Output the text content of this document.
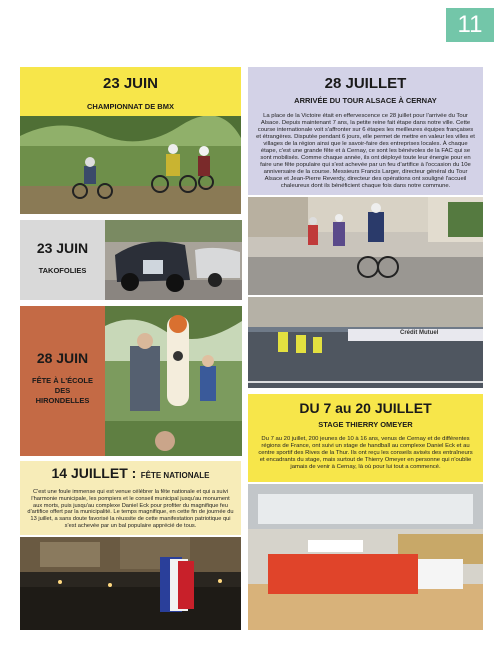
11
23 JUIN
CHAMPIONNAT DE BMX
28 JUILLET
ARRIVÉE DU TOUR ALSACE À CERNAY
La place de la Victoire était en effervescence ce 28 juillet pour l'arrivée du Tour Alsace. Depuis maintenant 7 ans, la petite reine fait étape dans notre ville. Cette course internationale voit s'affronter sur 6 étapes les meilleures équipes françaises et étrangères. Disputée pendant 6 jours, elle permet de mettre en valeur les villes et villages de la région ainsi que le savoir-faire des entreprises locales. À chaque étape, c'est une grande fête et à Cernay, ce sont les bénévoles de la FAC qui se sont mobilisés. Comme chaque année, ils ont déployé toute leur énergie pour en faire une fête populaire qui s'est achevée par un feu d'artifice à l'occasion du 10e anniversaire de la course. Messieurs Francis Larger, directeur général du Tour Alsace et Jean-Pierre Reverdy, directeur des opérations ont souligné l'accueil chaleureux dont ils bénéficient chaque fois dans notre commune.
Crédit Mutuel
23 JUIN
TAKOFOLIES
28 JUIN
FÊTE À L'ÉCOLE DES HIRONDELLES	DU 7 au 20 JUILLET
STAGE THIERRY OMEYER
Du 7 au 20 juillet, 200 jeunes de 10 à 16 ans, venus de Cernay et de différentes régions de France, ont suivi un stage de handball au complexe Daniel Eck et au centre sportif des Rives de la Thur. Ils ont reçu les conseils avisés des entraîneurs et encadrants du stage, mais surtout de Thierry Omeyer en personne qui n'oublie jamais de venir à Cernay, là où pour lui tout a commencé.
14 JUILLET : FÊTE NATIONALE
C'est une foule immense qui est venue célébrer la fête nationale et qui a suivi l'harmonie municipale, les pompiers et le conseil municipal jusqu'au monument aux morts, puis jusqu'au complexe Daniel Eck pour profiter du magnifique feu d'artifice offert par la municipalité. Le temps magnifique, en cette fin de journée du 13 juillet, a sans doute favorisé la réussite de cette manifestation patriotique qui s'est achevée par un bal populaire apprécié de tous.
